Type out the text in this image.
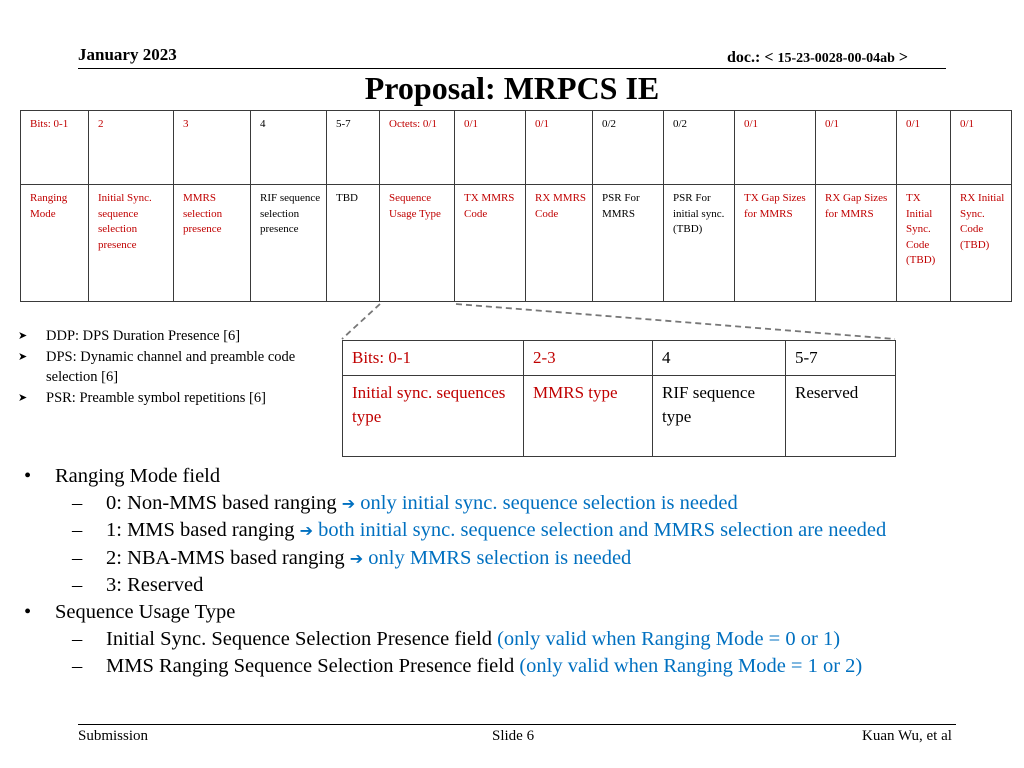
January 2023	doc.: < 15-23-0028-00-04ab >
Proposal: MRPCS IE
Bits: 0-1	2	3	4	5-7	Octets: 0/1	0/1	0/1	0/2	0/2	0/1	0/1	0/1	0/1
Ranging Mode	Initial Sync. sequence selection presence	MMRS selection presence	RIF sequence selection presence	TBD	Sequence Usage Type	TX MMRS Code	RX MMRS Code	PSR For MMRS	PSR For initial sync. (TBD)	TX Gap Sizes for MMRS	RX Gap Sizes for MMRS	TX Initial Sync. Code (TBD)	RX Initial Sync. Code (TBD)
➤ DDP: DPS Duration Presence [6]
➤ DPS: Dynamic channel and preamble code selection [6]
➤ PSR: Preamble symbol repetitions [6]
Bits: 0-1	2-3	4	5-7
Initial sync. sequences type	MMRS type	RIF sequence type	Reserved
• Ranging Mode field
– 0: Non-MMS based ranging ➔ only initial sync. sequence selection is needed
– 1: MMS based ranging ➔ both initial sync. sequence selection and MMRS selection are needed
– 2: NBA-MMS based ranging ➔ only MMRS selection is needed
– 3: Reserved
• Sequence Usage Type
– Initial Sync. Sequence Selection Presence field (only valid when Ranging Mode = 0 or 1)
– MMS Ranging Sequence Selection Presence field (only valid when Ranging Mode = 1 or 2)
Submission	Slide 6	Kuan Wu, et al
